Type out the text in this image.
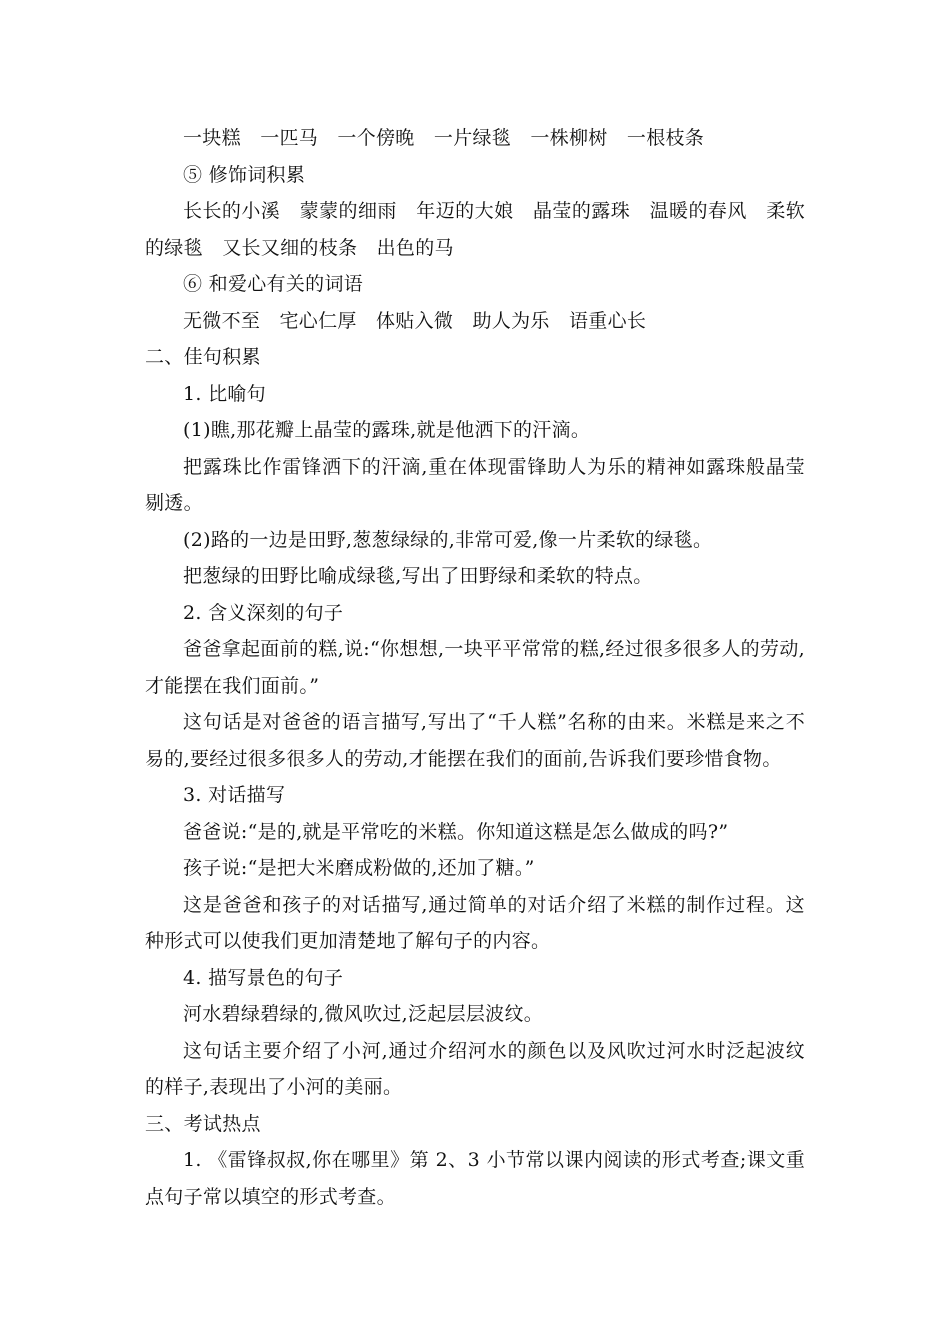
一块糕　一匹马　一个傍晚　一片绿毯　一株柳树　一根枝条
⑤ 修饰词积累
长长的小溪　蒙蒙的细雨　年迈的大娘　晶莹的露珠　温暖的春风　柔软的绿毯　又长又细的枝条　出色的马
⑥ 和爱心有关的词语
无微不至　宅心仁厚　体贴入微　助人为乐　语重心长
二、佳句积累
1. 比喻句
(1)瞧,那花瓣上晶莹的露珠,就是他洒下的汗滴。
把露珠比作雷锋洒下的汗滴,重在体现雷锋助人为乐的精神如露珠般晶莹剔透。
(2)路的一边是田野,葱葱绿绿的,非常可爱,像一片柔软的绿毯。
把葱绿的田野比喻成绿毯,写出了田野绿和柔软的特点。
2. 含义深刻的句子
爸爸拿起面前的糕,说:“你想想,一块平平常常的糕,经过很多很多人的劳动,才能摆在我们面前。”
这句话是对爸爸的语言描写,写出了“千人糕”名称的由来。米糕是来之不易的,要经过很多很多人的劳动,才能摆在我们的面前,告诉我们要珍惜食物。
3. 对话描写
爸爸说:“是的,就是平常吃的米糕。你知道这糕是怎么做成的吗?”
孩子说:“是把大米磨成粉做的,还加了糖。”
这是爸爸和孩子的对话描写,通过简单的对话介绍了米糕的制作过程。这种形式可以使我们更加清楚地了解句子的内容。
4. 描写景色的句子
河水碧绿碧绿的,微风吹过,泛起层层波纹。
这句话主要介绍了小河,通过介绍河水的颜色以及风吹过河水时泛起波纹的样子,表现出了小河的美丽。
三、考试热点
1. 《雷锋叔叔,你在哪里》第 2、3 小节常以课内阅读的形式考查;课文重点句子常以填空的形式考查。
